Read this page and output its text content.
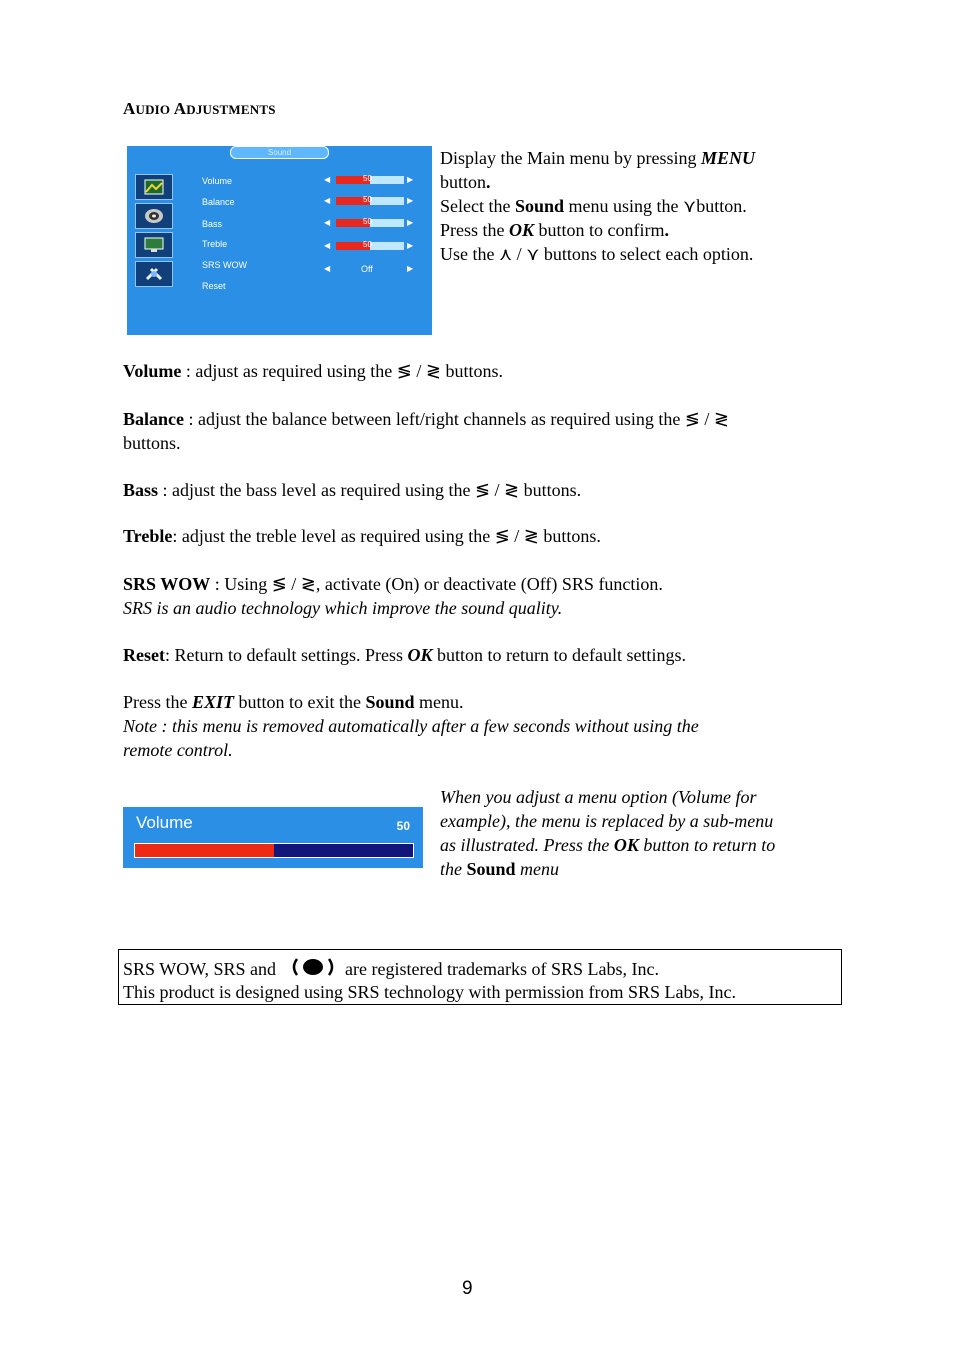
AUDIO ADJUSTMENTS
Sound
Volume	◀	50	▶
Balance	◀	50	▶
Bass	◀	50	▶
Treble	◀	50	▶
SRS WOW	◀	Off	▶
Reset
Display the Main menu by pressing MENU
button.
Select the Sound menu using the ⋎button.
Press the OK button to confirm.
Use the ⋏ / ⋎ buttons to select each option.
Volume : adjust as required using the ≶ / ≷ buttons.
Balance : adjust the balance between left/right channels as required using the ≶ / ≷
buttons.
Bass : adjust the bass level as required using the ≶ / ≷ buttons.
Treble: adjust the treble level as required using the ≶ / ≷ buttons.
SRS WOW : Using ≶ / ≷, activate (On) or deactivate (Off) SRS function.
SRS is an audio technology which improve the sound quality.
Reset: Return to default settings. Press OK button to return to default settings.
Press the EXIT button to exit the Sound menu.
Note : this menu is removed automatically after a few seconds without using the
remote control.
Volume	50
When you adjust a menu option (Volume for
example), the menu is replaced by a sub-menu
as illustrated. Press the OK button to return to
the Sound menu
SRS WOW, SRS and	are registered trademarks of SRS Labs, Inc.
This product is designed using SRS technology with permission from SRS Labs, Inc.
9
